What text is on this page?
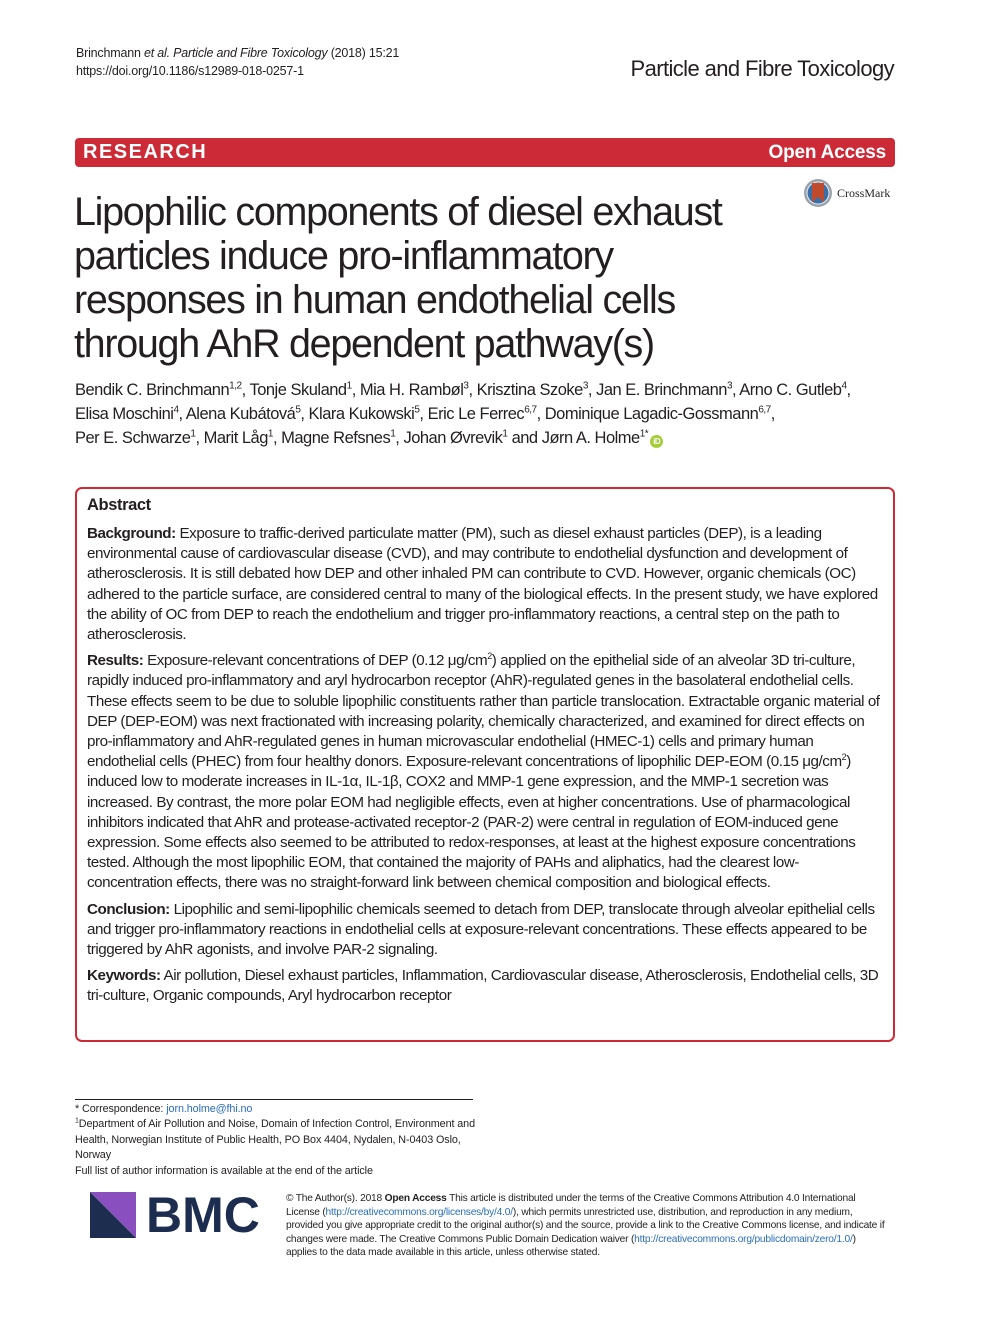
Brinchmann et al. Particle and Fibre Toxicology (2018) 15:21
https://doi.org/10.1186/s12989-018-0257-1	Particle and Fibre Toxicology
RESEARCH	Open Access
Lipophilic components of diesel exhaust particles induce pro-inflammatory responses in human endothelial cells through AhR dependent pathway(s)
CrossMark
Bendik C. Brinchmann$^{1,2}$, Tonje Skuland$^1$, Mia H. Rambøl$^3$, Krisztina Szoke$^3$, Jan E. Brinchmann$^3$, Arno C. Gutleb$^4$,
Elisa Moschini$^4$, Alena Kubátová$^5$, Klara Kukowski$^5$, Eric Le Ferrec$^{6,7}$, Dominique Lagadic-Gossmann$^{6,7}$,
Per E. Schwarze$^1$, Marit Låg$^1$, Magne Refsnes$^1$, Johan Øvrevik$^1$ and Jørn A. Holme$^{1*}$iD
Abstract

Background: Exposure to traffic-derived particulate matter (PM), such as diesel exhaust particles (DEP), is a leading environmental cause of cardiovascular disease (CVD), and may contribute to endothelial dysfunction and development of atherosclerosis. It is still debated how DEP and other inhaled PM can contribute to CVD. However, organic chemicals (OC) adhered to the particle surface, are considered central to many of the biological effects. In the present study, we have explored the ability of OC from DEP to reach the endothelium and trigger pro-inflammatory reactions, a central step on the path to atherosclerosis.

Results: Exposure-relevant concentrations of DEP (0.12 $\mu g/cm^2$) applied on the epithelial side of an alveolar 3D tri-culture, rapidly induced pro-inflammatory and aryl hydrocarbon receptor (AhR)-regulated genes in the basolateral endothelial cells. These effects seem to be due to soluble lipophilic constituents rather than particle translocation. Extractable organic material of DEP (DEP-EOM) was next fractionated with increasing polarity, chemically characterized, and examined for direct effects on pro-inflammatory and AhR-regulated genes in human microvascular endothelial (HMEC-1) cells and primary human endothelial cells (PHEC) from four healthy donors. Exposure-relevant concentrations of lipophilic DEP-EOM (0.15 $\mu g/cm^2$) induced low to moderate increases in IL-1α, IL-1β, COX2 and MMP-1 gene expression, and the MMP-1 secretion was increased. By contrast, the more polar EOM had negligible effects, even at higher concentrations. Use of pharmacological inhibitors indicated that AhR and protease-activated receptor-2 (PAR-2) were central in regulation of EOM-induced gene expression. Some effects also seemed to be attributed to redox-responses, at least at the highest exposure concentrations tested. Although the most lipophilic EOM, that contained the majority of PAHs and aliphatics, had the clearest low-concentration effects, there was no straight-forward link between chemical composition and biological effects.

Conclusion: Lipophilic and semi-lipophilic chemicals seemed to detach from DEP, translocate through alveolar epithelial cells and trigger pro-inflammatory reactions in endothelial cells at exposure-relevant concentrations. These effects appeared to be triggered by AhR agonists, and involve PAR-2 signaling.

Keywords: Air pollution, Diesel exhaust particles, Inflammation, Cardiovascular disease, Atherosclerosis, Endothelial cells, 3D tri-culture, Organic compounds, Aryl hydrocarbon receptor

* Correspondence: jorn.holme@fhi.no
$^1$Department of Air Pollution and Noise, Domain of Infection Control, Environment and Health, Norwegian Institute of Public Health, PO Box 4404, Nydalen, N-0403 Oslo, Norway
Full list of author information is available at the end of the article
BMC	© The Author(s). 2018 Open Access This article is distributed under the terms of the Creative Commons Attribution 4.0 International License (http://creativecommons.org/licenses/by/4.0/), which permits unrestricted use, distribution, and reproduction in any medium, provided you give appropriate credit to the original author(s) and the source, provide a link to the Creative Commons license, and indicate if changes were made. The Creative Commons Public Domain Dedication waiver (http://creativecommons.org/publicdomain/zero/1.0/) applies to the data made available in this article, unless otherwise stated.
